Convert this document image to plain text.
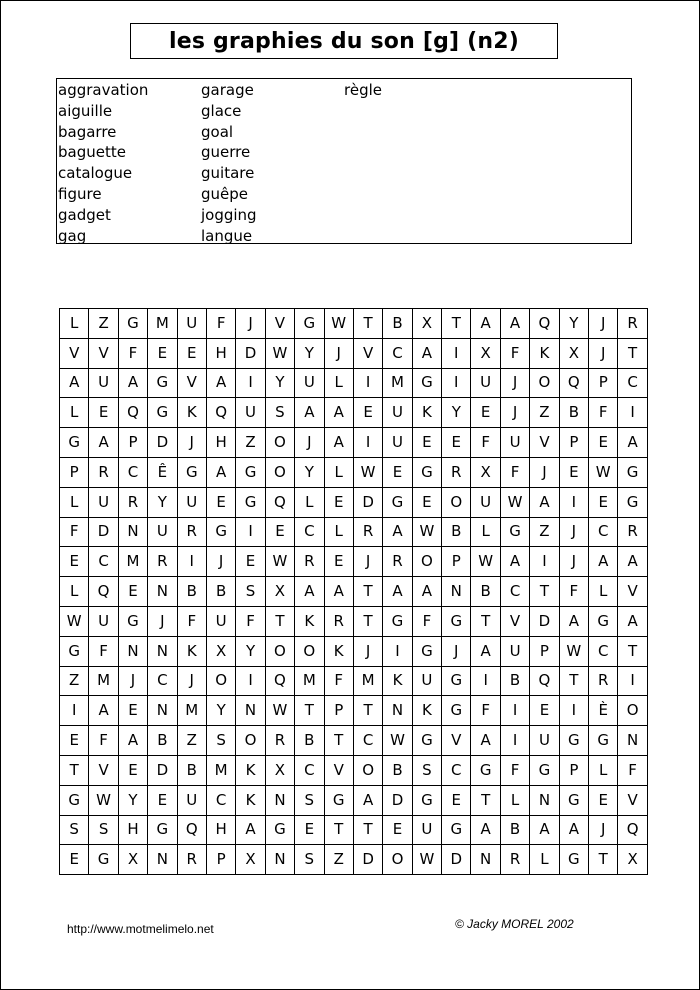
les graphies du son [g] (n2)
aggravation
aiguille
bagarre
baguette
catalogue
figure
gadget
gag
garage
glace
goal
guerre
guitare
guêpe
jogging
langue
règle
L	Z	G	M	U	F	J	V	G	W	T	B	X	T	A	A	Q	Y	J	R
V	V	F	E	E	H	D	W	Y	J	V	C	A	I	X	F	K	X	J	T
A	U	A	G	V	A	I	Y	U	L	I	M	G	I	U	J	O	Q	P	C
L	E	Q	G	K	Q	U	S	A	A	E	U	K	Y	E	J	Z	B	F	I
G	A	P	D	J	H	Z	O	J	A	I	U	E	E	F	U	V	P	E	A
P	R	C	Ê	G	A	G	O	Y	L	W	E	G	R	X	F	J	E	W	G
L	U	R	Y	U	E	G	Q	L	E	D	G	E	O	U	W	A	I	E	G
F	D	N	U	R	G	I	E	C	L	R	A	W	B	L	G	Z	J	C	R
E	C	M	R	I	J	E	W	R	E	J	R	O	P	W	A	I	J	A	A
L	Q	E	N	B	B	S	X	A	A	T	A	A	N	B	C	T	F	L	V
W	U	G	J	F	U	F	T	K	R	T	G	F	G	T	V	D	A	G	A
G	F	N	N	K	X	Y	O	O	K	J	I	G	J	A	U	P	W	C	T
Z	M	J	C	J	O	I	Q	M	F	M	K	U	G	I	B	Q	T	R	I
I	A	E	N	M	Y	N	W	T	P	T	N	K	G	F	I	E	I	È	O
E	F	A	B	Z	S	O	R	B	T	C	W	G	V	A	I	U	G	G	N
T	V	E	D	B	M	K	X	C	V	O	B	S	C	G	F	G	P	L	F
G	W	Y	E	U	C	K	N	S	G	A	D	G	E	T	L	N	G	E	V
S	S	H	G	Q	H	A	G	E	T	T	E	U	G	A	B	A	A	J	Q
E	G	X	N	R	P	X	N	S	Z	D	O	W	D	N	R	L	G	T	X
http://www.motmelimelo.net	© Jacky MOREL 2002
